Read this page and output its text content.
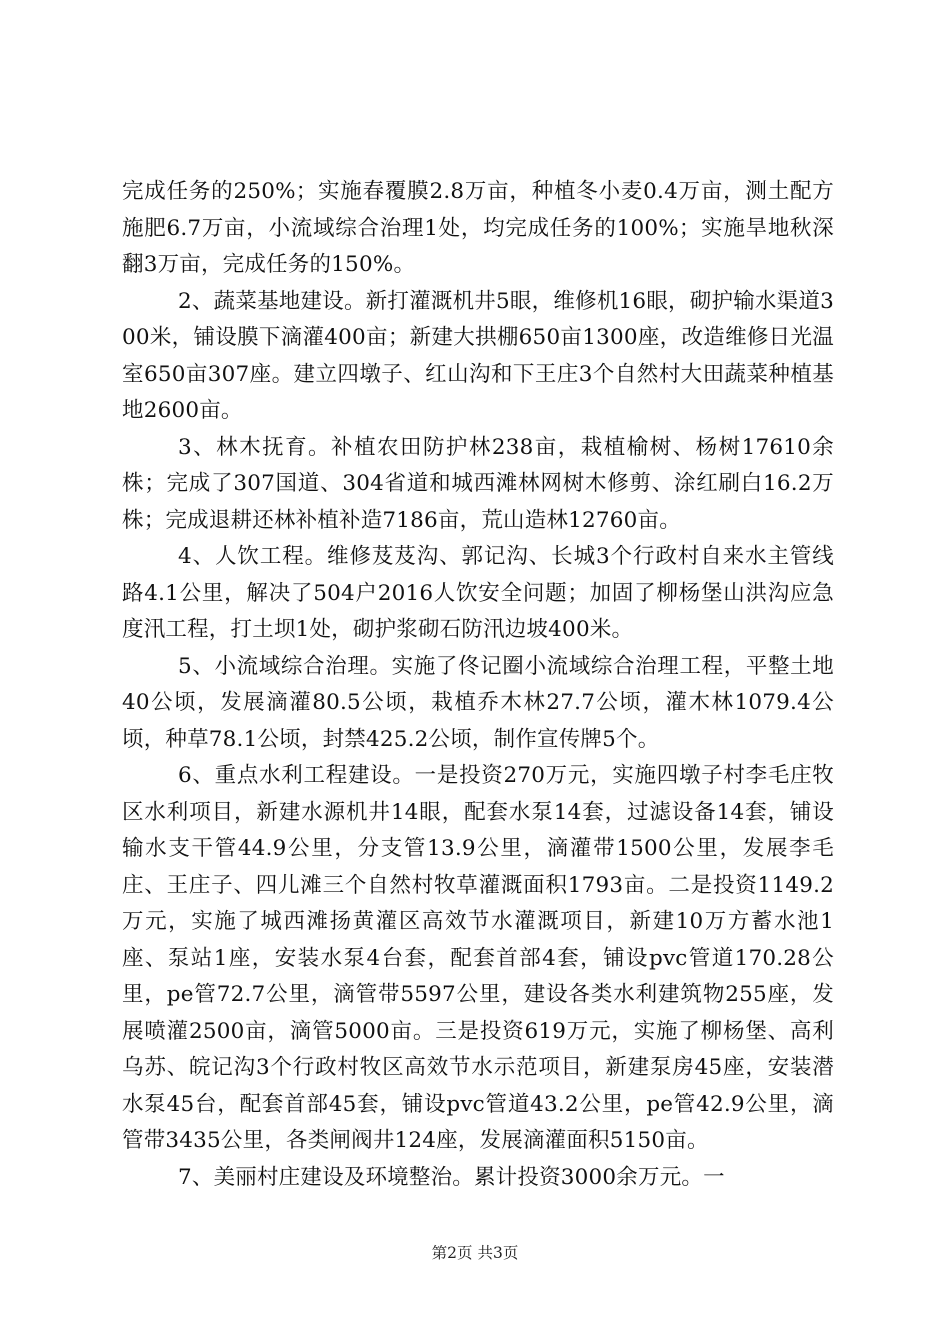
完成任务的250%；实施春覆膜2.8万亩，种植冬小麦0.4万亩，测土配方施肥6.7万亩，小流域综合治理1处，均完成任务的100%；实施旱地秋深翻3万亩，完成任务的150%。

2、蔬菜基地建设。新打灌溉机井5眼，维修机16眼，砌护输水渠道300米，铺设膜下滴灌400亩；新建大拱棚650亩1300座，改造维修日光温室650亩307座。建立四墩子、红山沟和下王庄3个自然村大田蔬菜种植基地2600亩。

3、林木抚育。补植农田防护林238亩，栽植榆树、杨树17610余株；完成了307国道、304省道和城西滩林网树木修剪、涂红刷白16.2万株；完成退耕还林补植补造7186亩，荒山造林12760亩。

4、人饮工程。维修芨芨沟、郭记沟、长城3个行政村自来水主管线路4.1公里，解决了504户2016人饮安全问题；加固了柳杨堡山洪沟应急度汛工程，打土坝1处，砌护浆砌石防汛边坡400米。

5、小流域综合治理。实施了佟记圈小流域综合治理工程，平整土地40公顷，发展滴灌80.5公顷，栽植乔木林27.7公顷，灌木林1079.4公顷，种草78.1公顷，封禁425.2公顷，制作宣传牌5个。

6、重点水利工程建设。一是投资270万元，实施四墩子村李毛庄牧区水利项目，新建水源机井14眼，配套水泵14套，过滤设备14套，铺设输水支干管44.9公里，分支管13.9公里，滴灌带1500公里，发展李毛庄、王庄子、四儿滩三个自然村牧草灌溉面积1793亩。二是投资1149.2万元，实施了城西滩扬黄灌区高效节水灌溉项目，新建10万方蓄水池1座、泵站1座，安装水泵4台套，配套首部4套，铺设pvc管道170.28公里，pe管72.7公里，滴管带5597公里，建设各类水利建筑物255座，发展喷灌2500亩，滴管5000亩。三是投资619万元，实施了柳杨堡、高利乌苏、皖记沟3个行政村牧区高效节水示范项目，新建泵房45座，安装潜水泵45台，配套首部45套，铺设pvc管道43.2公里，pe管42.9公里，滴管带3435公里，各类闸阀井124座，发展滴灌面积5150亩。

7、美丽村庄建设及环境整治。累计投资3000余万元。一

第2页 共3页
